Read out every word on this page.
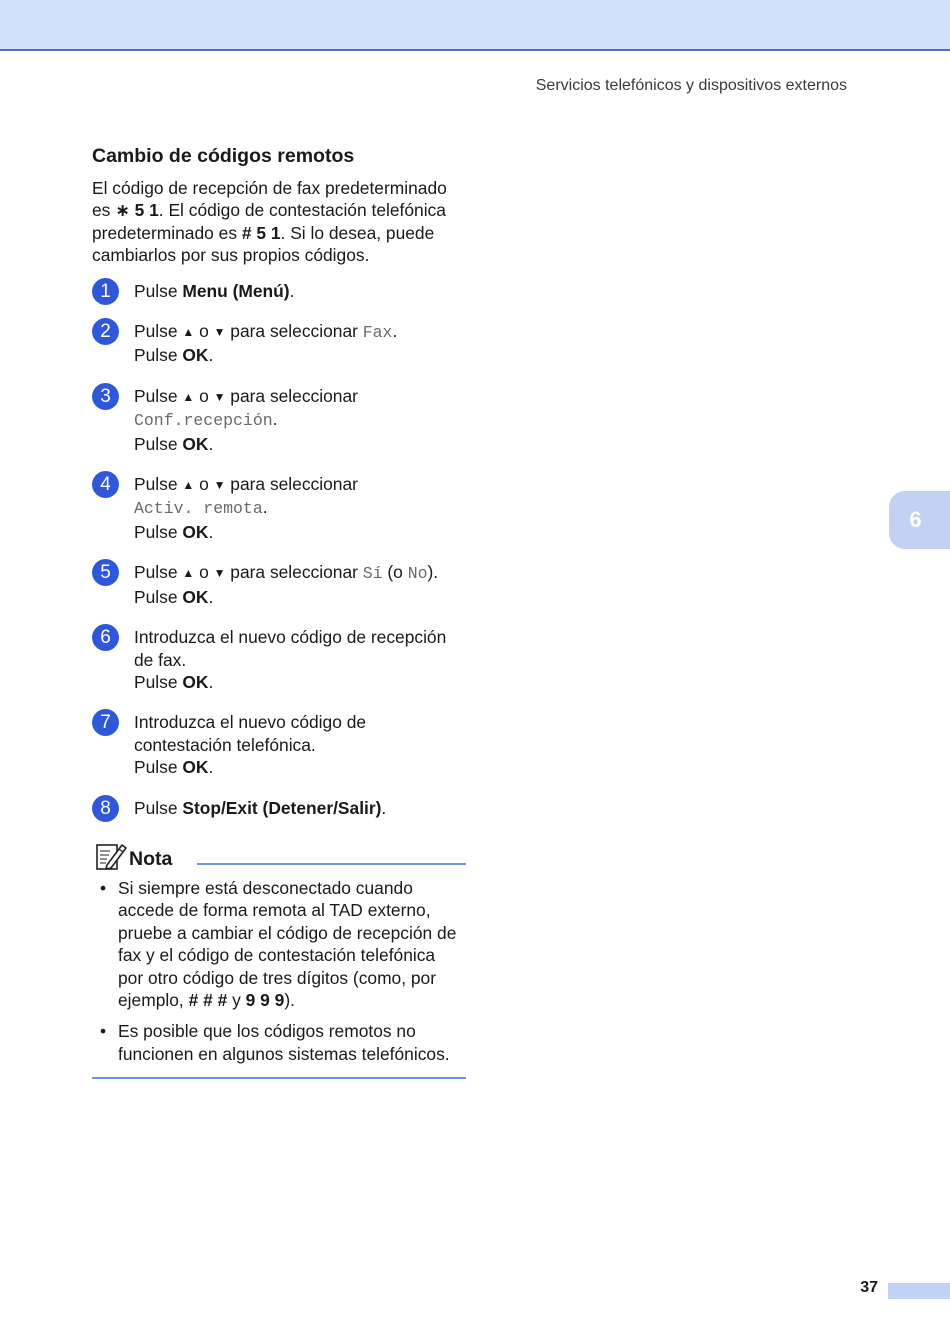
Servicios telefónicos y dispositivos externos
6
Cambio de códigos remotos

El código de recepción de fax predeterminado es ∗ 5 1. El código de contestación telefónica predeterminado es # 5 1. Si lo desea, puede cambiarlos por sus propios códigos.

1	Pulse Menu (Menú).
2	Pulse ▲ o ▼ para seleccionar Fax.
Pulse OK.
3	Pulse ▲ o ▼ para seleccionar
Conf.recepción.
Pulse OK.
4	Pulse ▲ o ▼ para seleccionar
Activ. remota.
Pulse OK.
5	Pulse ▲ o ▼ para seleccionar Sí (o No).
Pulse OK.
6	Introduzca el nuevo código de recepción de fax.
Pulse OK.
7	Introduzca el nuevo código de contestación telefónica.
Pulse OK.
8	Pulse Stop/Exit (Detener/Salir).
Nota
• Si siempre está desconectado cuando accede de forma remota al TAD externo, pruebe a cambiar el código de recepción de fax y el código de contestación telefónica por otro código de tres dígitos (como, por ejemplo, # # # y 9 9 9).
• Es posible que los códigos remotos no funcionen en algunos sistemas telefónicos.
37
